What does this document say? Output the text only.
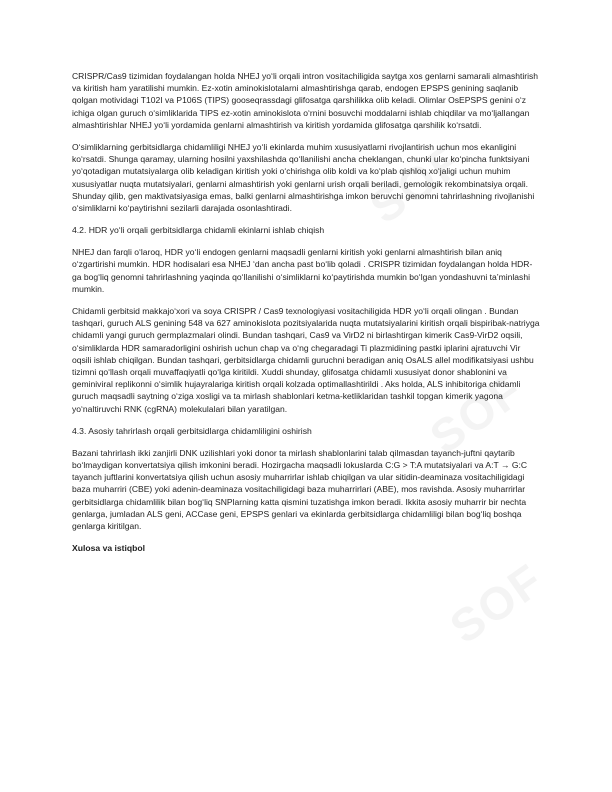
SOF
SOF
SOF

CRISPR/Cas9 tizimidan foydalangan holda NHEJ yo‘li orqali intron vositachiligida saytga xos genlarni samarali almashtirish va kiritish ham yaratilishi mumkin. Ez-xotin aminokislotalarni almashtirishga qarab, endogen EPSPS genining saqlanib qolgan motividagi T102I va P106S (TIPS) gooseqrassdagi glifosatga qarshilikka olib keladi. Olimlar OsEPSPS genini o‘z ichiga olgan guruch o‘simliklarida TIPS ez-xotin aminokislota o‘rnini bosuvchi moddalarni ishlab chiqdilar va mo‘ljallangan almashtirishlar NHEJ yo‘li yordamida genlarni almashtirish va kiritish yordamida glifosatga qarshilik ko‘rsatdi.

O‘simliklarning gerbitsidlarga chidamliligi NHEJ yo‘li ekinlarda muhim xususiyatlarni rivojlantirish uchun mos ekanligini ko‘rsatdi. Shunga qaramay, ularning hosilni yaxshilashda qo‘llanilishi ancha cheklangan, chunki ular ko‘pincha funktsiyani yo‘qotadigan mutatsiyalarga olib keladigan kiritish yoki o‘chirishga olib koldi va ko‘plab qishloq xo‘jaligi uchun muhim xususiyatlar nuqta mutatsiyalari, genlarni almashtirish yoki genlarni urish orqali beriladi, gemologik rekombinatsiya orqali. Shunday qilib, gen maktivatsiyasiga emas, balki genlarni almashtirishga imkon beruvchi genomni tahrirlashning rivojlanishi o‘simliklarni ko‘paytirishni sezilarli darajada osonlashtiradi.

4.2. HDR yo‘li orqali gerbitsidlarga chidamli ekinlarni ishlab chiqish

NHEJ dan farqli o‘laroq, HDR yo‘li endogen genlarni maqsadli genlarni kiritish yoki genlarni almashtirish bilan aniq o‘zgartirishi mumkin. HDR hodisalari esa NHEJ ‘dan ancha past bo‘lib qoladi . CRISPR tizimidan foydalangan holda HDR-ga bog‘liq genomni tahrirlashning yaqinda qo‘llanilishi o‘simliklarni ko‘paytirishda mumkin bo‘lgan yondashuvni ta’minlashi mumkin.

Chidamli gerbitsid makkajo‘xori va soya CRISPR / Cas9 texnologiyasi vositachiligida HDR yo‘li orqali olingan . Bundan tashqari, guruch ALS genining 548 va 627 aminokislota pozitsiyalarida nuqta mutatsiyalarini kiritish orqali bispiribak-natriyga chidamli yangi guruch germplazmalari olindi. Bundan tashqari, Cas9 va VirD2 ni birlashtirgan kimerik Cas9-VirD2 oqsili, o‘simliklarda HDR samaradorligini oshirish uchun chap va o‘ng chegaradagi Ti plazmidining pastki iplarini ajratuvchi Vir oqsili ishlab chiqilgan. Bundan tashqari, gerbitsidlarga chidamli guruchni beradigan aniq OsALS allel modifikatsiyasi ushbu tizimni qo‘llash orqali muvaffaqiyatli qo‘lga kiritildi. Xuddi shunday, glifosatga chidamli xususiyat donor shablonini va geminiviral replikonni o‘simlik hujayralariga kiritish orqali kolzada optimallashtirildi . Aks holda, ALS inhibitoriga chidamli guruch maqsadli saytning o‘ziga xosligi va ta mirlash shablonlari ketma-ketliklaridan tashkil topgan kimerik yagona yo‘naltiruvchi RNK (cgRNA) molekulalari bilan yaratilgan.

4.3. Asosiy tahrirlash orqali gerbitsidlarga chidamliligini oshirish

Bazani tahrirlash ikki zanjirli DNK uzilishlari yoki donor ta mirlash shablonlarini talab qilmasdan tayanch-juftni qaytarib bo‘lmaydigan konvertatsiya qilish imkonini beradi. Hozirgacha maqsadli lokuslarda C:G > T:A mutatsiyalari va A:T → G:C tayanch juftlarini konvertatsiya qilish uchun asosiy muharrirlar ishlab chiqilgan va ular sitidin-deaminaza vositachiligidagi baza muharriri (CBE) yoki adenin-deaminaza vositachiligidagi baza muharrirlari (ABE), mos ravishda. Asosiy muharrirlar gerbitsidlarga chidamlilik bilan bog‘liq SNPlarning katta qismini tuzatishga imkon beradi. Ikkita asosiy muharrir bir nechta genlarga, jumladan ALS geni, ACCase geni, EPSPS genlari va ekinlarda gerbitsidlarga chidamliligi bilan bog‘liq boshqa genlarga kiritilgan.

Xulosa va istiqbol
